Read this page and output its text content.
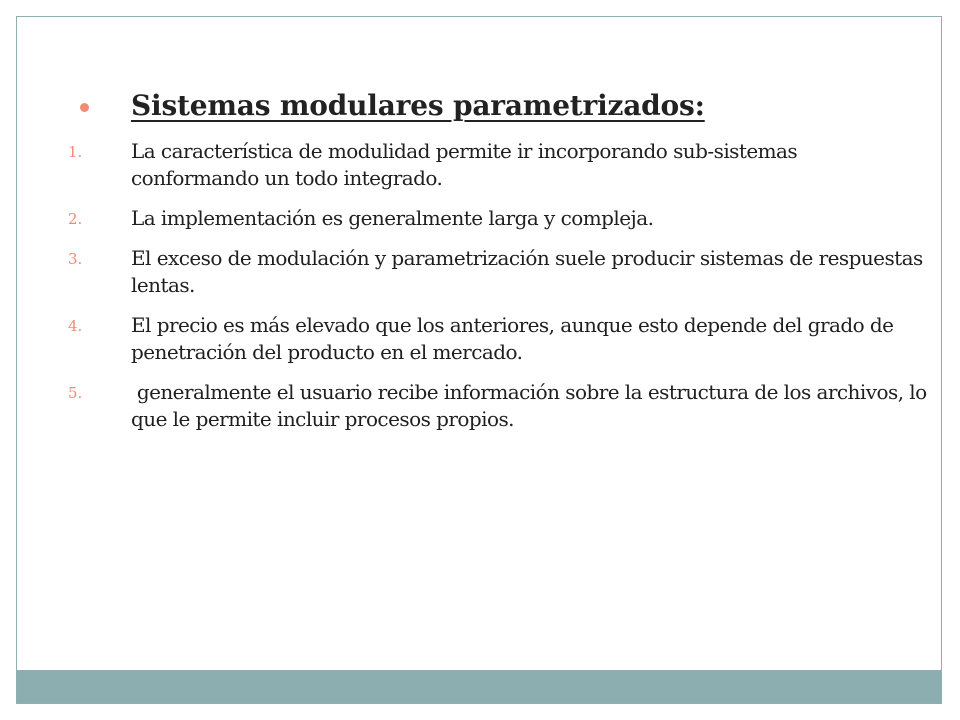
Sistemas modulares parametrizados:
1.	La característica de modulidad permite ir incorporando sub-sistemas conformando un todo integrado.
2.	La implementación es generalmente larga y compleja.
3.	El exceso de modulación y parametrización suele producir sistemas de respuestas lentas.
4.	El precio es más elevado que los anteriores, aunque esto depende del grado de penetración del producto en el mercado.
5.	generalmente el usuario recibe información sobre la estructura de los archivos, lo que le permite incluir procesos propios.
